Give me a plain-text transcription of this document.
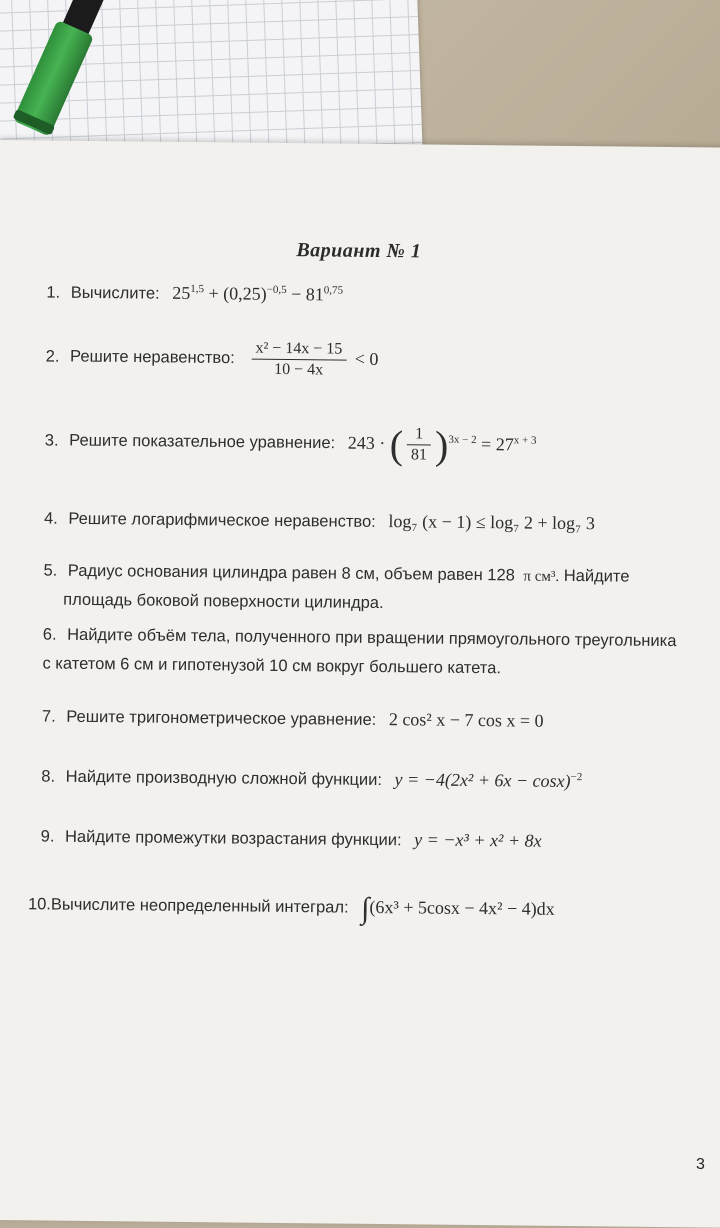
Вариант № 1
1. Вычислите: $25^{1,5} + (0,25)^{-0,5} - 81^{0,75}$
2. Решите неравенство: $\frac{\text{x² − 14x − 15}}{10 - 4x} < 0$
3. Решите показательное уравнение: 243 · ( $\frac{1}{81} )^{3x - 2} = 27^{x + 3}$
4. Решите логарифмическое неравенство: log₇ (x − 1) ≤ log₇ 2 + log₇ 3
5. Радиус основания цилиндра равен 8 см, объем равен 128 π см³. Найдите
площадь боковой поверхности цилиндра.
6. Найдите объём тела, полученного при вращении прямоугольного треугольника
с катетом 6 см и гипотенузой 10 см вокруг большего катета.
7. Решите тригонометрическое уравнение: 2 cos² x − 7 cos x = 0
8. Найдите производную сложной функции: $y = -4(2x^2 + 6x - \cos x)^{-2}$
9. Найдите промежутки возрастания функции: y = −x³ + x² + 8x
10.Вычислите неопределенный интеграл: ∫(6x³ + 5cosx − 4x² − 4)dx
3
